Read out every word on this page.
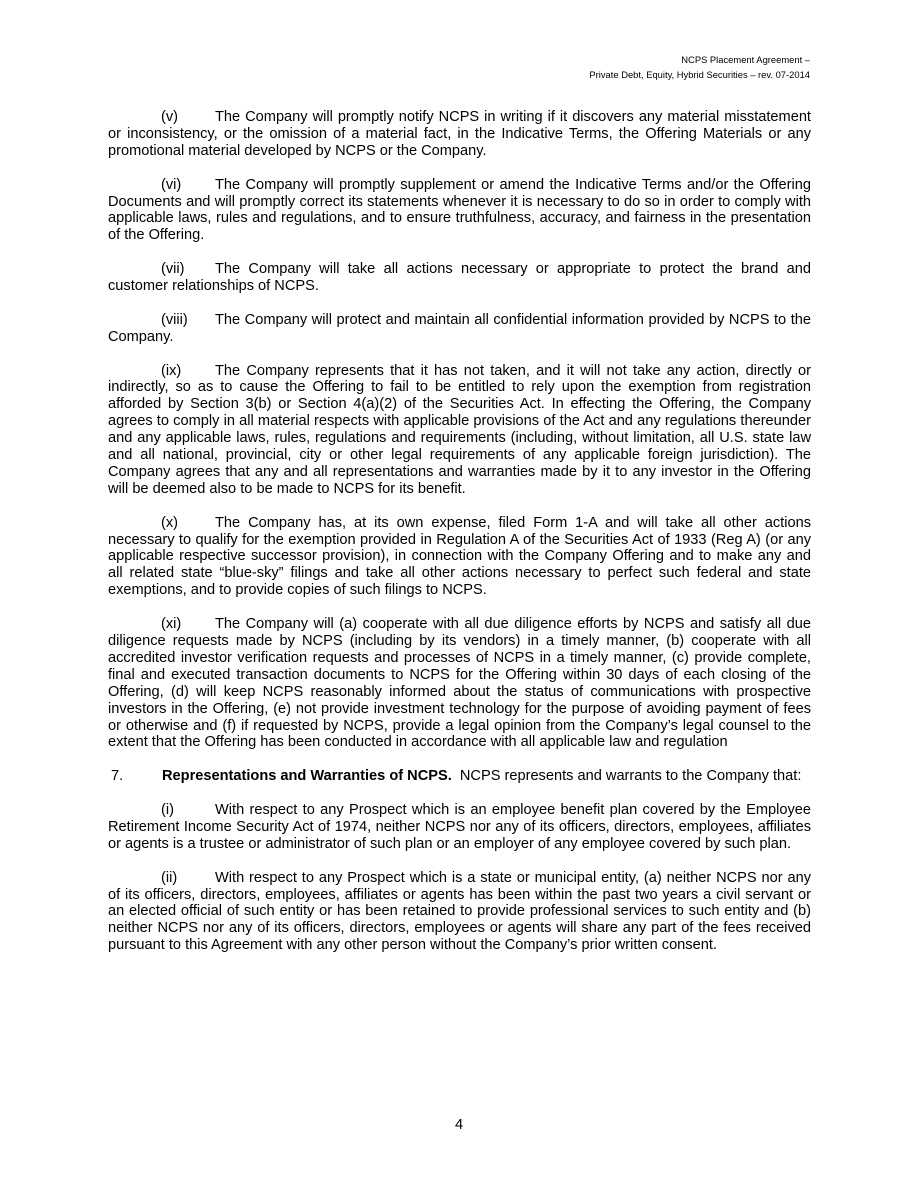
NCPS Placement Agreement –
Private Debt, Equity, Hybrid Securities – rev. 07-2014

(v)	The Company will promptly notify NCPS in writing if it discovers any material misstatement or inconsistency, or the omission of a material fact, in the Indicative Terms, the Offering Materials or any promotional material developed by NCPS or the Company.

(vi) The Company will promptly supplement or amend the Indicative Terms and/or the Offering Documents and will promptly correct its statements whenever it is necessary to do so in order to comply with applicable laws, rules and regulations, and to ensure truthfulness, accuracy, and fairness in the presentation of the Offering.

(vii) The Company will take all actions necessary or appropriate to protect the brand and customer relationships of NCPS.

(viii) The Company will protect and maintain all confidential information provided by NCPS to the Company.

(ix) The Company represents that it has not taken, and it will not take any action, directly or indirectly, so as to cause the Offering to fail to be entitled to rely upon the exemption from registration afforded by Section 3(b) or Section 4(a)(2) of the Securities Act. In effecting the Offering, the Company agrees to comply in all material respects with applicable provisions of the Act and any regulations thereunder and any applicable laws, rules, regulations and requirements (including, without limitation, all U.S. state law and all national, provincial, city or other legal requirements of any applicable foreign jurisdiction). The Company agrees that any and all representations and warranties made by it to any investor in the Offering will be deemed also to be made to NCPS for its benefit.

(x)	The Company has, at its own expense, filed Form 1-A and will take all other actions necessary to qualify for the exemption provided in Regulation A of the Securities Act of 1933 (Reg A) (or any applicable respective successor provision), in connection with the Company Offering and to make any and all related state “blue-sky” filings and take all other actions necessary to perfect such federal and state exemptions, and to provide copies of such filings to NCPS.

(xi) The Company will (a) cooperate with all due diligence efforts by NCPS and satisfy all due diligence requests made by NCPS (including by its vendors) in a timely manner, (b) cooperate with all accredited investor verification requests and processes of NCPS in a timely manner, (c) provide complete, final and executed transaction documents to NCPS for the Offering within 30 days of each closing of the Offering, (d) will keep NCPS reasonably informed about the status of communications with prospective investors in the Offering, (e) not provide investment technology for the purpose of avoiding payment of fees or otherwise and (f) if requested by NCPS, provide a legal opinion from the Company’s legal counsel to the extent that the Offering has been conducted in accordance with all applicable law and regulation

7.	Representations and Warranties of NCPS. NCPS represents and warrants to the Company that:

(i)	With respect to any Prospect which is an employee benefit plan covered by the Employee Retirement Income Security Act of 1974, neither NCPS nor any of its officers, directors, employees, affiliates or agents is a trustee or administrator of such plan or an employer of any employee covered by such plan.

(ii)	With respect to any Prospect which is a state or municipal entity, (a) neither NCPS nor any of its officers, directors, employees, affiliates or agents has been within the past two years a civil servant or an elected official of such entity or has been retained to provide professional services to such entity and (b) neither NCPS nor any of its officers, directors, employees or agents will share any part of the fees received pursuant to this Agreement with any other person without the Company’s prior written consent.

4
